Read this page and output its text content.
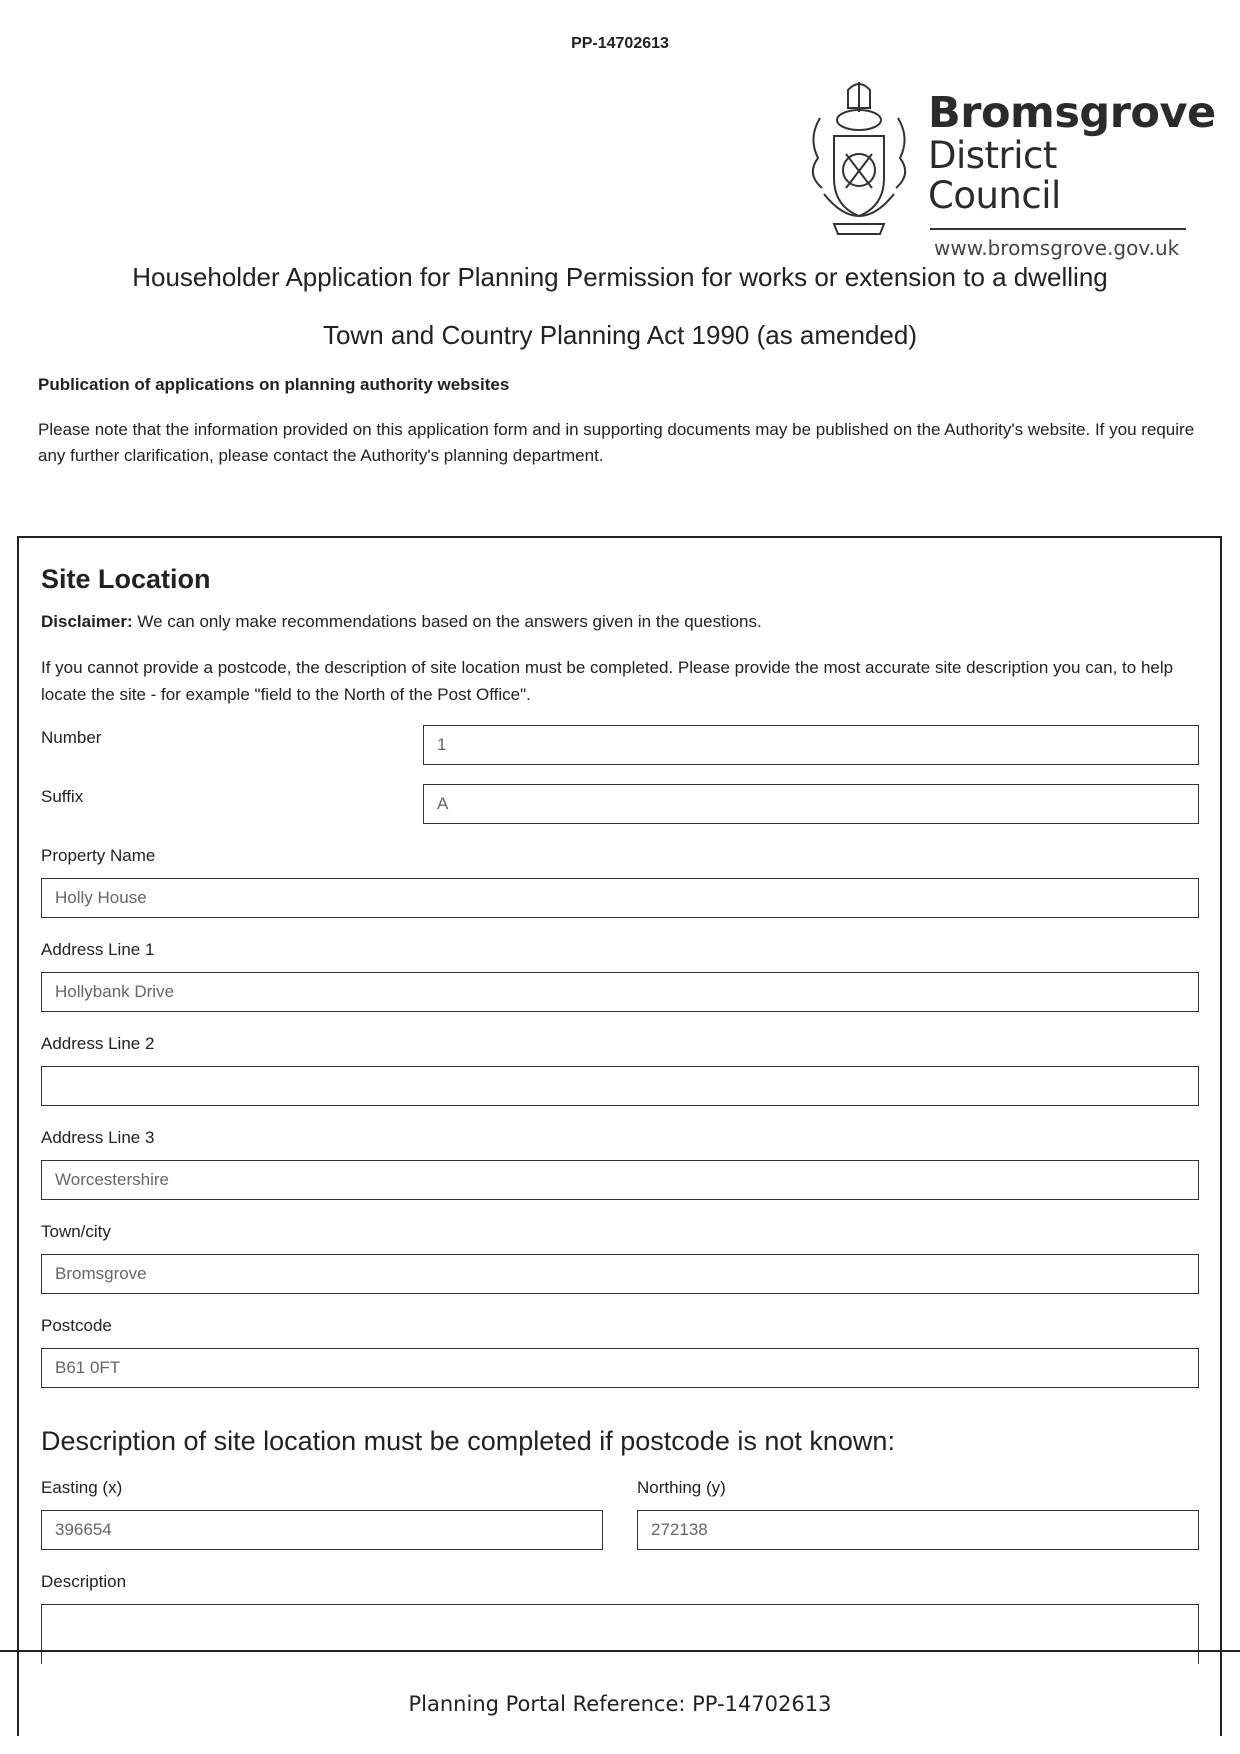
PP-14702613
Bromsgrove
District Council
www.bromsgrove.gov.uk
Householder Application for Planning Permission for works or extension to a dwelling
Town and Country Planning Act 1990 (as amended)
Publication of applications on planning authority websites
Please note that the information provided on this application form and in supporting documents may be published on the Authority's website. If you require any further clarification, please contact the Authority's planning department.
Site Location
Disclaimer: We can only make recommendations based on the answers given in the questions.
If you cannot provide a postcode, the description of site location must be completed. Please provide the most accurate site description you can, to help locate the site - for example "field to the North of the Post Office".
Number	1
Suffix	A
Property Name
Holly House
Address Line 1
Hollybank Drive
Address Line 2
Address Line 3
Worcestershire
Town/city
Bromsgrove
Postcode
B61 0FT
Description of site location must be completed if postcode is not known:
Easting (x)
396654
Northing (y)
272138
Description
Planning Portal Reference: PP-14702613
